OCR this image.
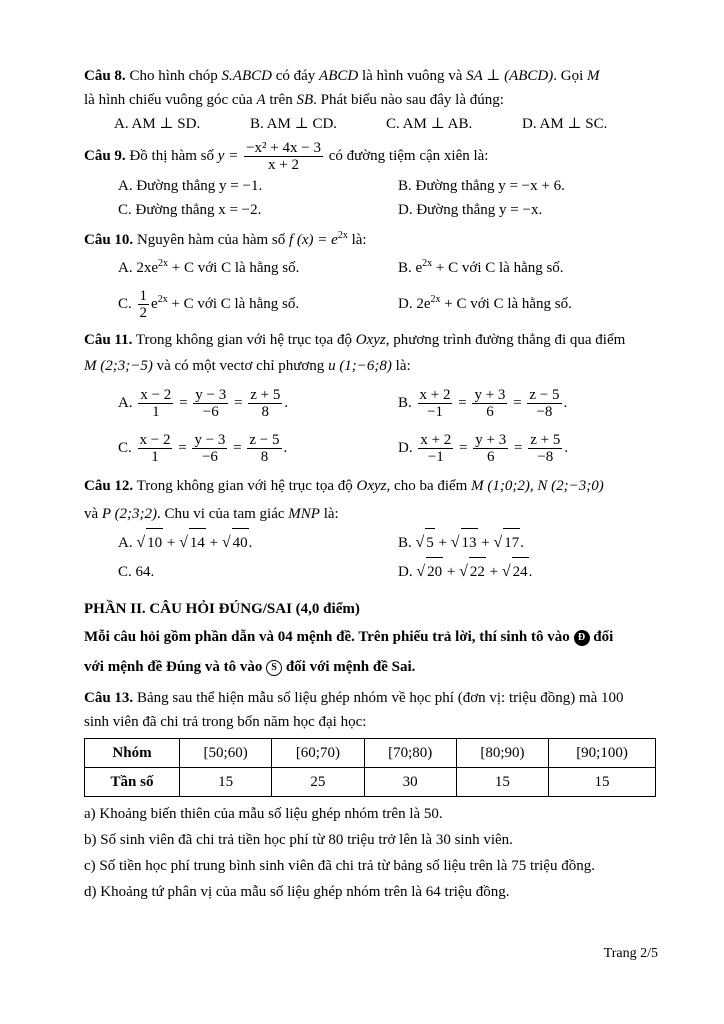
Câu 8. Cho hình chóp S.ABCD có đáy ABCD là hình vuông và SA ⊥ (ABCD). Gọi M

là hình chiếu vuông góc của A trên SB. Phát biểu nào sau đây là đúng:

A. AM ⊥ SD.	B. AM ⊥ CD.	C. AM ⊥ AB.	D. AM ⊥ SC.

Câu 9. Đồ thị hàm số $y = \frac{\text{−x² + 4x − 3}}{x + 2}$ có đường tiệm cận xiên là:

A. Đường thẳng y = −1.	B. Đường thẳng y = −x + 6.
C. Đường thẳng x = −2.	D. Đường thẳng y = −x.

Câu 10. Nguyên hàm của hàm số f $(x) = e^{2x}$ là:

A. $2xe^{2x} + C$ với C là hằng số.	B. $e^{2x} + C$ với C là hằng số.
C. $\frac{1}{2} e^{2x} + C$ với C là hằng số.	D. $2e^{2x} + C$ với C là hằng số.

Câu 11. Trong không gian với hệ trục tọa độ Oxyz, phương trình đường thẳng đi qua điểm

M (2;3;−5) và có một vectơ chỉ phương u (1;−6;8) là:

A. $\frac{x - 2}{1} = \frac{y - 3}{-6} = \frac{z + 5}{8}$ .	B. $\frac{x + 2}{-1} = \frac{y + 3}{6} = \frac{z - 5}{-8}$ .
C. $\frac{x - 2}{1} = \frac{y - 3}{-6} = \frac{z - 5}{8}$ .	D. $\frac{x + 2}{-1} = \frac{y + 3}{6} = \frac{z + 5}{-8}$ .

Câu 12. Trong không gian với hệ trục tọa độ Oxyz, cho ba điểm M (1;0;2), N (2;−3;0)

và P (2;3;2). Chu vi của tam giác MNP là:

A. √ 10 + √ 14 + √ 40.	B. √ 5 + √ 13 + √ 17.
C. 64.	D. √ 20 + √ 22 + √ 24.

PHẦN II. CÂU HỎI ĐÚNG/SAI (4,0 điểm)

Mỗi câu hỏi gồm phần dẫn và 04 mệnh đề. Trên phiếu trả lời, thí sinh tô vào Đ đối

với mệnh đề Đúng và tô vào S đối với mệnh đề Sai.

Câu 13. Bảng sau thể hiện mẫu số liệu ghép nhóm về học phí (đơn vị: triệu đồng) mà 100

sinh viên đã chi trả trong bốn năm học đại học:

Nhóm	[50;60)	[60;70)	[70;80)	[80;90)	[90;100)
Tần số	15	25	30	15	15

a) Khoảng biến thiên của mẫu số liệu ghép nhóm trên là 50.

b) Số sinh viên đã chi trả tiền học phí từ 80 triệu trở lên là 30 sinh viên.

c) Số tiền học phí trung bình sinh viên đã chi trả từ bảng số liệu trên là 75 triệu đồng.

d) Khoảng tứ phân vị của mẫu số liệu ghép nhóm trên là 64 triệu đồng.

Trang 2/5
